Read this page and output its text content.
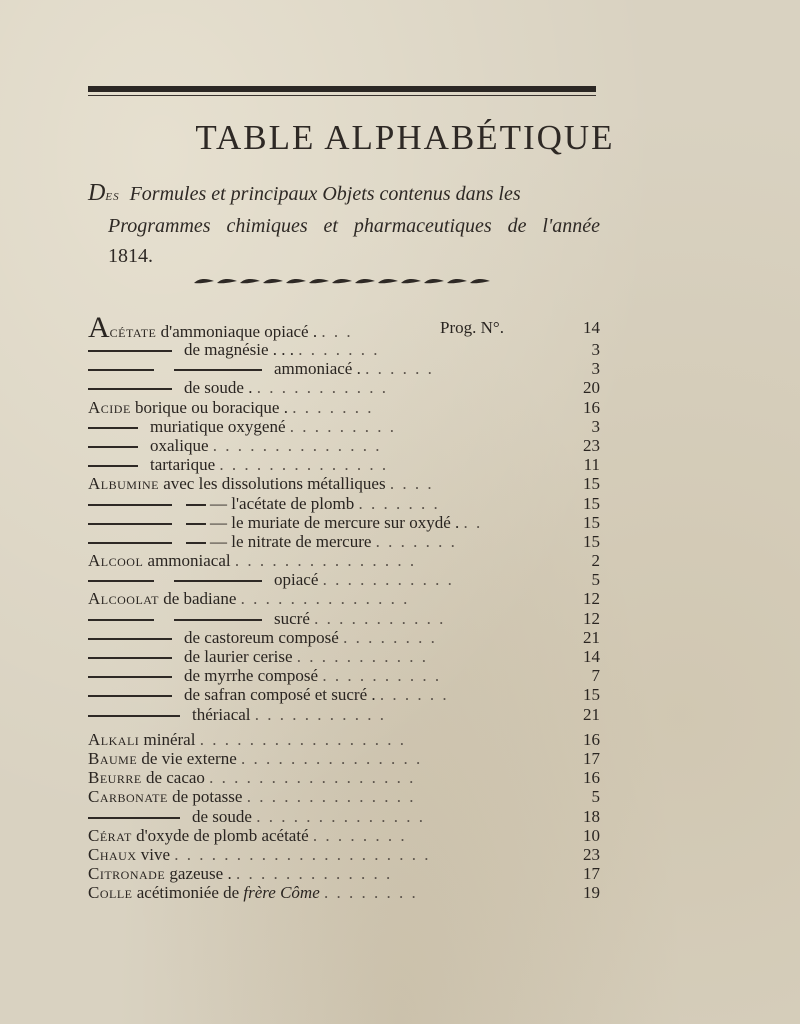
TABLE ALPHABÉTIQUE
Des Formules et principaux Objets contenus dans les
Programmes chimiques et pharmaceutiques de l'année
1814.
Acétate d'ammoniaque opiacé . . . .	Prog. N°.	14
de magnésie . . . . . . . . . .	3
ammoniacé . . . . . . .	3
de soude . . . . . . . . . . . .	20
Acide borique ou boracique . . . . . . . .	16
muriatique oxygené . . . . . . . . .	3
oxalique . . . . . . . . . . . . . .	23
tartarique . . . . . . . . . . . . . .	11
Albumine avec les dissolutions métalliques . . . .	15
— l'acétate de plomb . . . . . . .	15
— le muriate de mercure sur oxydé . . .	15
— le nitrate de mercure . . . . . . .	15
Alcool ammoniacal . . . . . . . . . . . . . . .	2
opiacé . . . . . . . . . . .	5
Alcoolat de badiane . . . . . . . . . . . . . .	12
sucré . . . . . . . . . . .	12
de castoreum composé . . . . . . . .	21
de laurier cerise . . . . . . . . . . .	14
de myrrhe composé . . . . . . . . . .	7
de safran composé et sucré . . . . . . .	15
thériacal . . . . . . . . . . .	21
Alkali minéral . . . . . . . . . . . . . . . . .	16
Baume de vie externe . . . . . . . . . . . . . . .	17
Beurre de cacao . . . . . . . . . . . . . . . . .	16
Carbonate de potasse . . . . . . . . . . . . . .	5
de soude . . . . . . . . . . . . . .	18
Cérat d'oxyde de plomb acétaté . . . . . . . .	10
Chaux vive . . . . . . . . . . . . . . . . . . . . .	23
Citronade gazeuse . . . . . . . . . . . . . .	17
Colle acétimoniée de frère Côme . . . . . . . .	19
